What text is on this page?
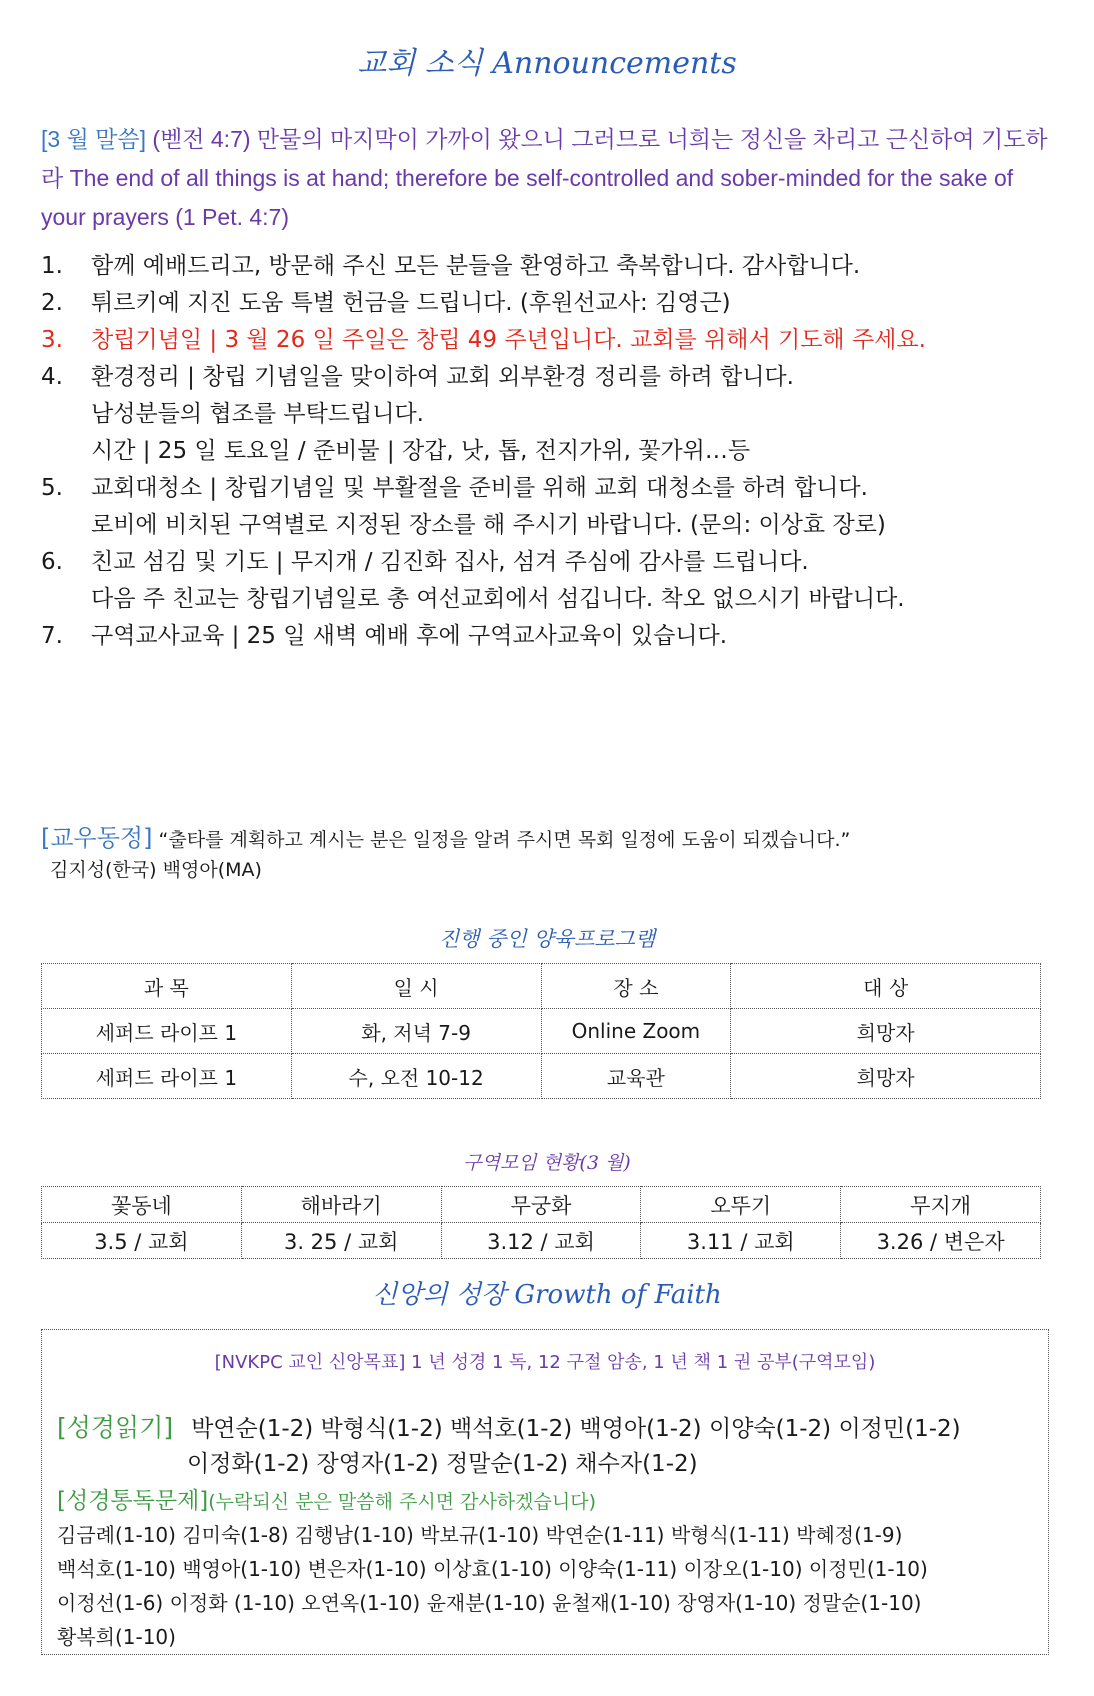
교회 소식 Announcements
[3 월 말씀] (벧전 4:7) 만물의 마지막이 가까이 왔으니 그러므로 너희는 정신을 차리고 근신하여 기도하라 The end of all things is at hand; therefore be self-controlled and sober-minded for the sake of your prayers (1 Pet. 4:7)
1.	함께 예배드리고, 방문해 주신 모든 분들을 환영하고 축복합니다. 감사합니다.
2.	튀르키예 지진 도움 특별 헌금을 드립니다. (후원선교사: 김영근)
3.	창립기념일 | 3 월 26 일 주일은 창립 49 주년입니다. 교회를 위해서 기도해 주세요.
4.	환경정리 | 창립 기념일을 맞이하여 교회 외부환경 정리를 하려 합니다.
남성분들의 협조를 부탁드립니다.
시간 | 25 일 토요일 / 준비물 | 장갑, 낫, 톱, 전지가위, 꽃가위…등
5.	교회대청소 | 창립기념일 및 부활절을 준비를 위해 교회 대청소를 하려 합니다.
로비에 비치된 구역별로 지정된 장소를 해 주시기 바랍니다. (문의: 이상효 장로)
6.	친교 섬김 및 기도 | 무지개 / 김진화 집사, 섬겨 주심에 감사를 드립니다.
다음 주 친교는 창립기념일로 총 여선교회에서 섬깁니다. 착오 없으시기 바랍니다.
7.	구역교사교육 | 25 일 새벽 예배 후에 구역교사교육이 있습니다.
[교우동정] “출타를 계획하고 계시는 분은 일정을 알려 주시면 목회 일정에 도움이 되겠습니다.”
김지성(한국) 백영아(MA)
진행 중인 양육프로그램
과 목	일 시	장 소	대 상
세퍼드 라이프 1	화, 저녁 7-9	Online Zoom	희망자
세퍼드 라이프 1	수, 오전 10-12	교육관	희망자
구역모임 현황(3 월)
꽃동네	해바라기	무궁화	오뚜기	무지개
3.5 / 교회	3. 25 / 교회	3.12 / 교회	3.11 / 교회	3.26 / 변은자
신앙의 성장 Growth of Faith
[NVKPC 교인 신앙목표] 1 년 성경 1 독, 12 구절 암송, 1 년 책 1 권 공부(구역모임)
[성경읽기] 박연순(1-2) 박형식(1-2) 백석호(1-2) 백영아(1-2) 이양숙(1-2) 이정민(1-2)
이정화(1-2) 장영자(1-2) 정말순(1-2) 채수자(1-2)
[성경통독문제](누락되신 분은 말씀해 주시면 감사하겠습니다)
김금례(1-10) 김미숙(1-8) 김행남(1-10) 박보규(1-10) 박연순(1-11) 박형식(1-11) 박혜정(1-9)
백석호(1-10) 백영아(1-10) 변은자(1-10) 이상효(1-10) 이양숙(1-11) 이장오(1-10) 이정민(1-10)
이정선(1-6) 이정화 (1-10) 오연옥(1-10) 윤재분(1-10) 윤철재(1-10) 장영자(1-10) 정말순(1-10)
황복희(1-10)
